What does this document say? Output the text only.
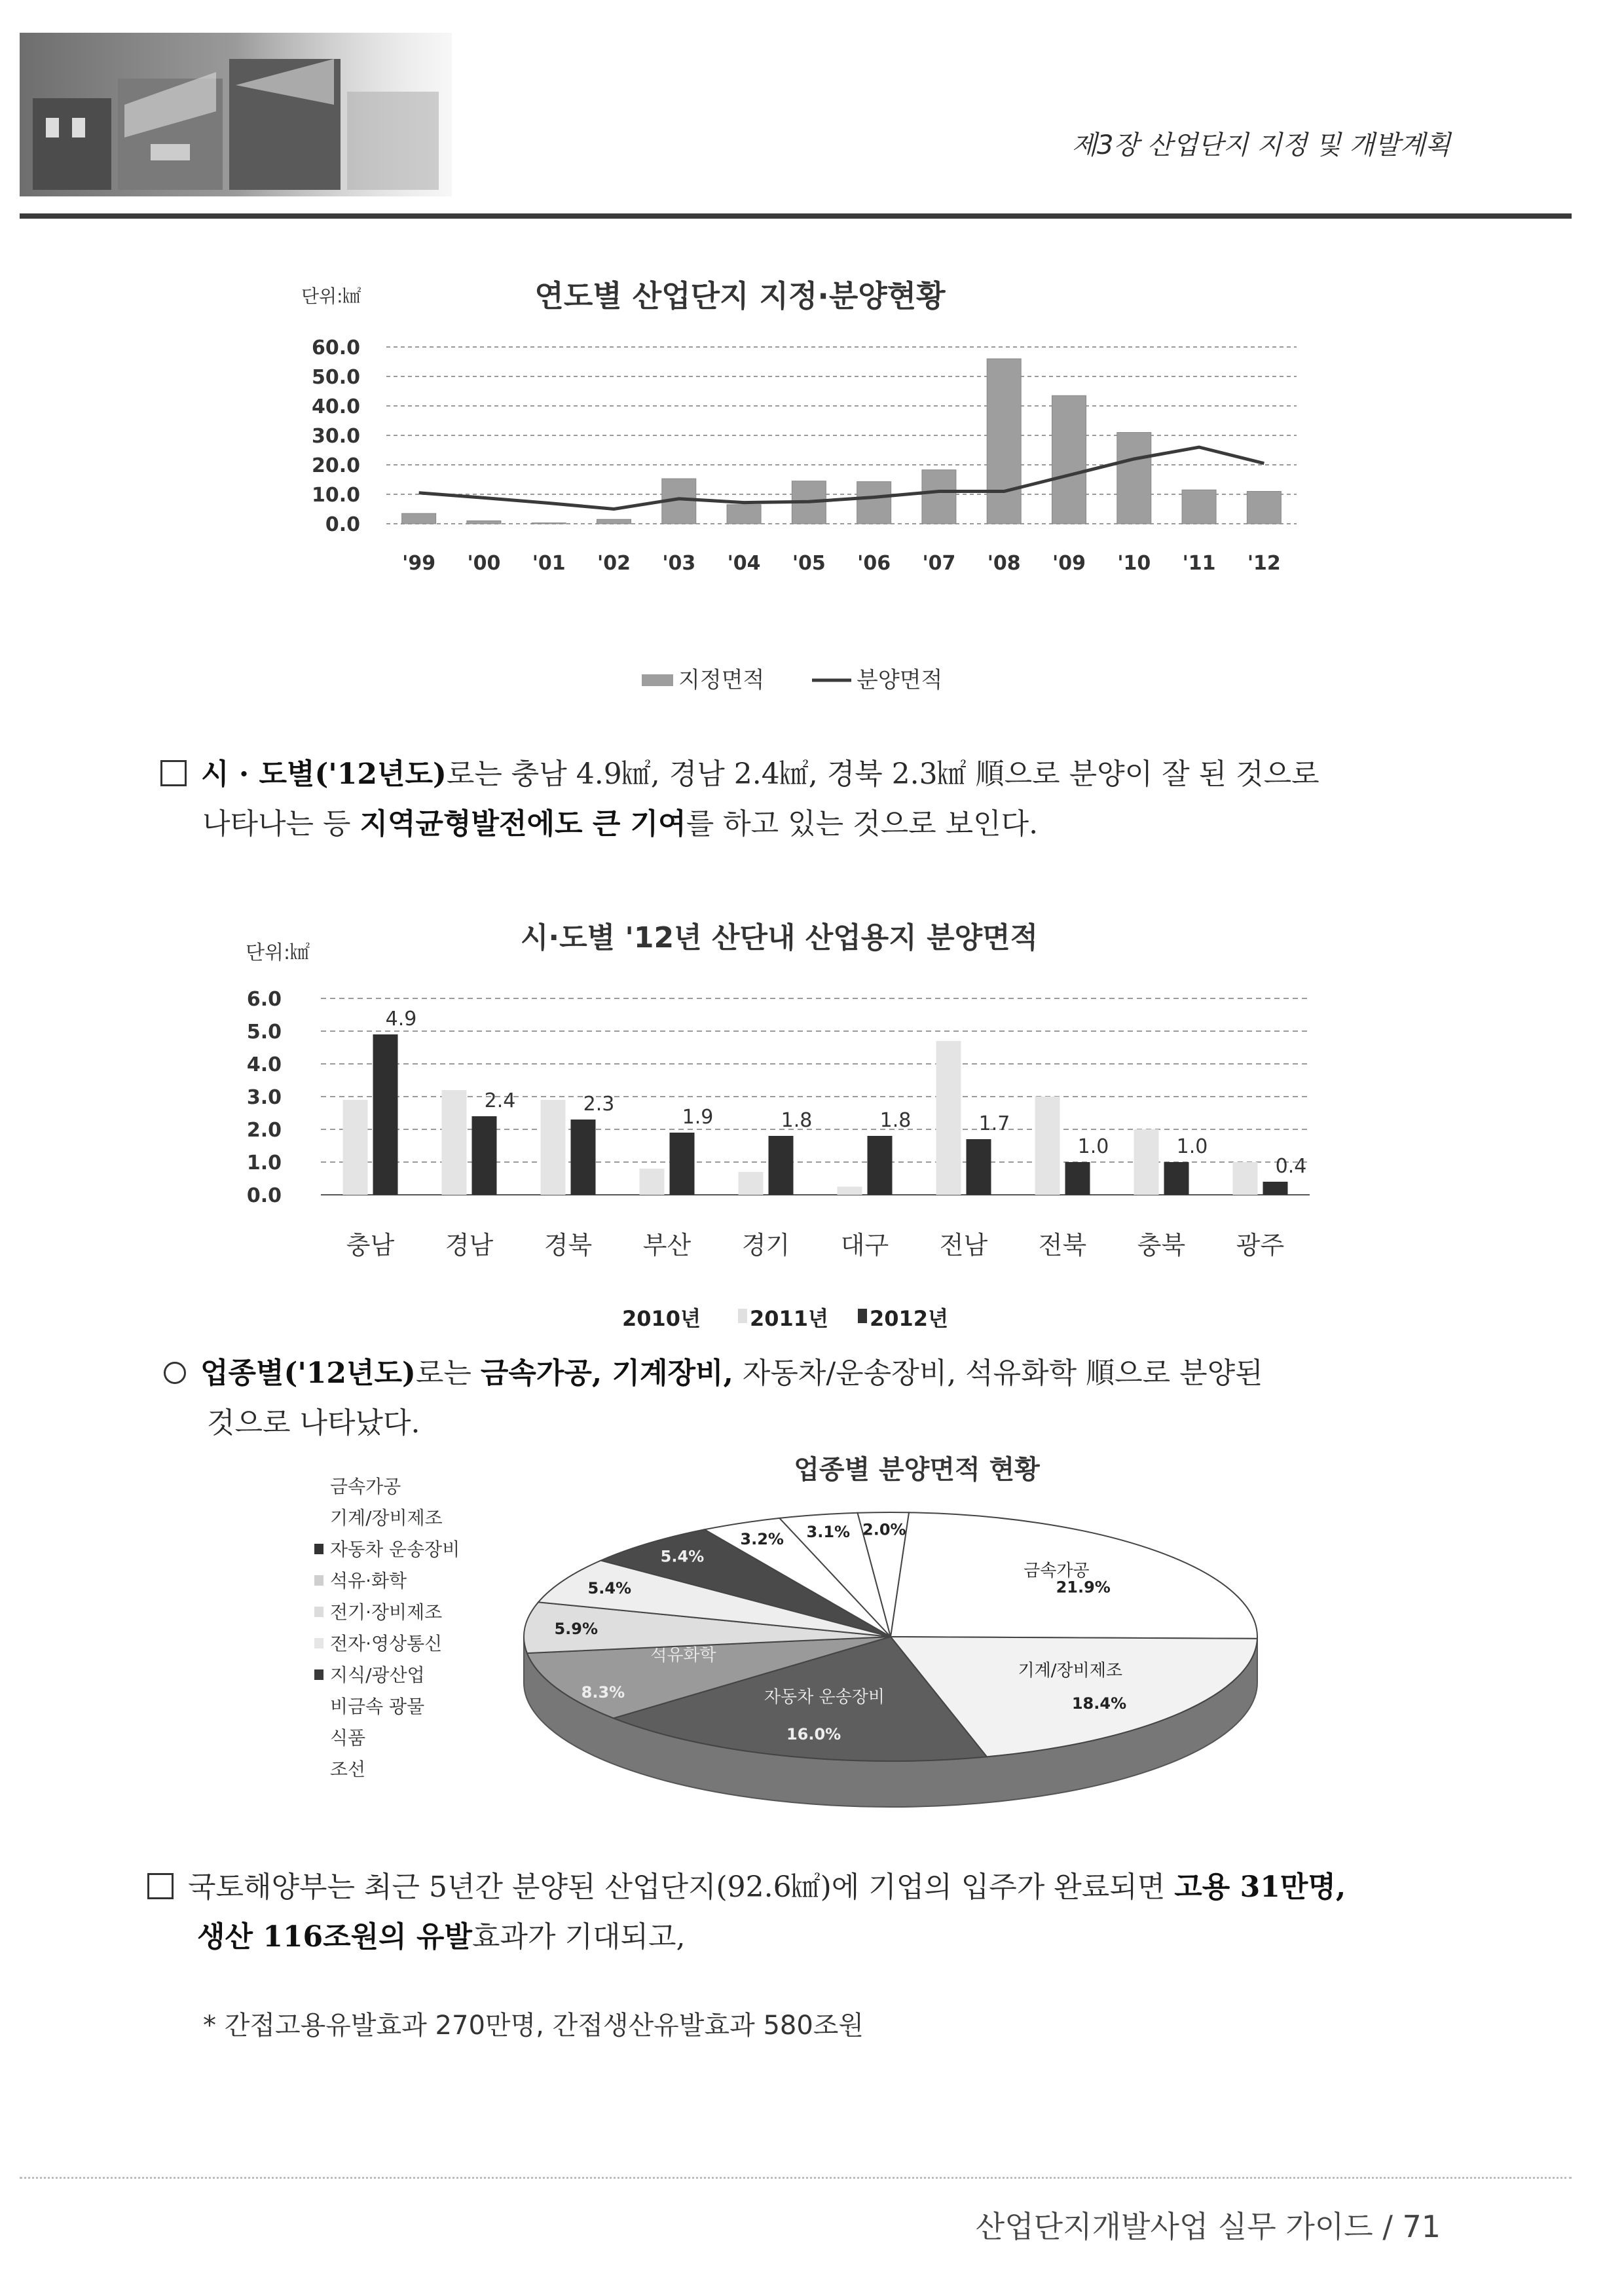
제3장 산업단지 지정 및 개발계획
단위:㎢	연도별 산업단지 지정·분양현황
0.0
10.0
20.0
30.0
40.0
50.0
60.0
'99 '00 '01 '02 '03 '04 '05 '06 '07 '08 '09 '10 '11 '12
지정면적	분양면적
시 · 도별('12년도)로는 충남 4.9㎢, 경남 2.4㎢, 경북 2.3㎢ 順으로 분양이 잘 된 것으로
나타나는 등 지역균형발전에도 큰 기여를 하고 있는 것으로 보인다.
단위:㎢	시·도별 '12년 산단내 산업용지 분양면적
0.0
1.0
2.0
3.0
4.0
5.0
6.0
4.9
2.4	2.3
1.9	1.8	1.8	1.7
1.0	1.0
0.4
충남 경남 경북 부산 경기 대구 전남 전북 충북 광주
2010년 2011년 2012년
업종별('12년도)로는 금속가공, 기계장비, 자동차/운송장비, 석유화학 順으로 분양된
것으로 나타났다.
업종별 분양면적 현황
금속가공
기계/장비제조
자동차 운송장비
석유·화학
전기·장비제조
전자·영상통신
지식/광산업
비금속 광물
식품
조선
금속가공
21.9%
기계/장비제조
18.4%
자동차 운송장비
16.0%
석유화학
8.3%
5.9%
5.4%
5.4%
3.2% 3.1% 2.0%
국토해양부는 최근 5년간 분양된 산업단지(92.6㎢)에 기업의 입주가 완료되면 고용 31만명,
생산 116조원의 유발효과가 기대되고,
* 간접고용유발효과 270만명, 간접생산유발효과 580조원
산업단지개발사업 실무 가이드 / 71
